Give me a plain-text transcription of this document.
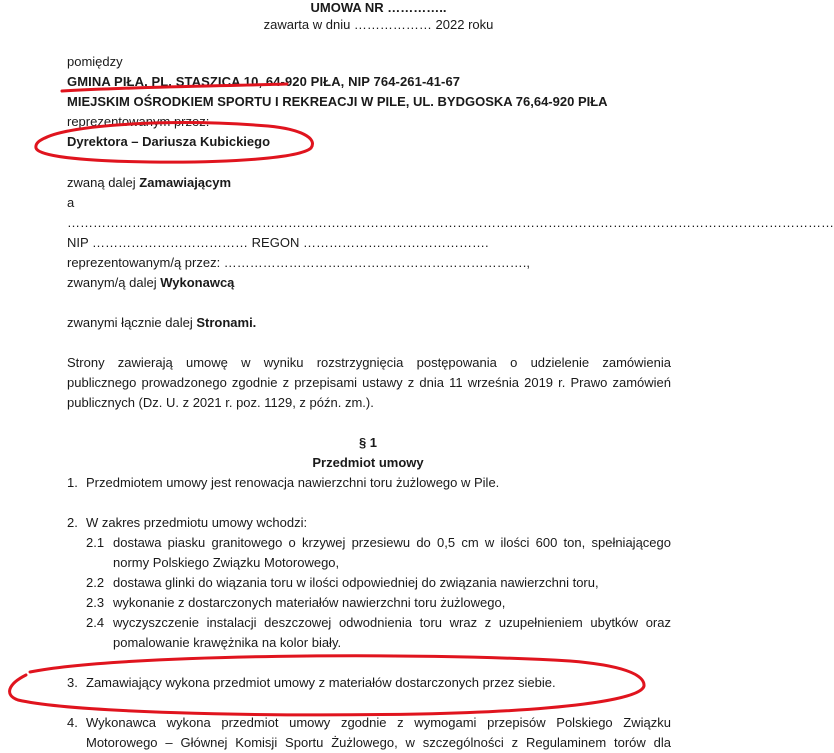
UMOWA NR …………..
zawarta w dniu ……………… 2022 roku
pomiędzy
GMINA PIŁA, PL. STASZICA 10, 64-920 PIŁA, NIP 764-261-41-67
MIEJSKIM OŚRODKIEM SPORTU I REKREACJI W PILE, UL. BYDGOSKA 76,64-920 PIŁA
reprezentowanym przez:
Dyrektora – Dariusza Kubickiego
zwaną dalej Zamawiającym
a
……………………………………………………………………………………………………………………………………………………………
NIP ……………………………… REGON …………………………………….
reprezentowanym/ą przez: …………………………………………………………….,
zwanym/ą dalej Wykonawcą
zwanymi łącznie dalej Stronami.
Strony zawierają umowę w wyniku rozstrzygnięcia postępowania o udzielenie zamówienia
publicznego prowadzonego zgodnie z przepisami ustawy z dnia 11 września 2019 r. Prawo zamówień
publicznych (Dz. U. z 2021 r. poz. 1129, z późn. zm.).
§ 1
Przedmiot umowy
1. Przedmiotem umowy jest renowacja nawierzchni toru żużlowego w Pile.
2. W zakres przedmiotu umowy wchodzi:
2.1 dostawa piasku granitowego o krzywej przesiewu do 0,5 cm w ilości 600 ton, spełniającego
normy Polskiego Związku Motorowego,
2.2 dostawa glinki do wiązania toru w ilości odpowiedniej do związania nawierzchni toru,
2.3 wykonanie z dostarczonych materiałów nawierzchni toru żużlowego,
2.4 wyczyszczenie instalacji deszczowej odwodnienia toru wraz z uzupełnieniem ubytków oraz
pomalowanie krawężnika na kolor biały.
3. Zamawiający wykona przedmiot umowy z materiałów dostarczonych przez siebie.
4. Wykonawca wykona przedmiot umowy zgodnie z wymogami przepisów Polskiego Związku
Motorowego – Głównej Komisji Sportu Żużlowego, w szczególności z Regulaminem torów dla
